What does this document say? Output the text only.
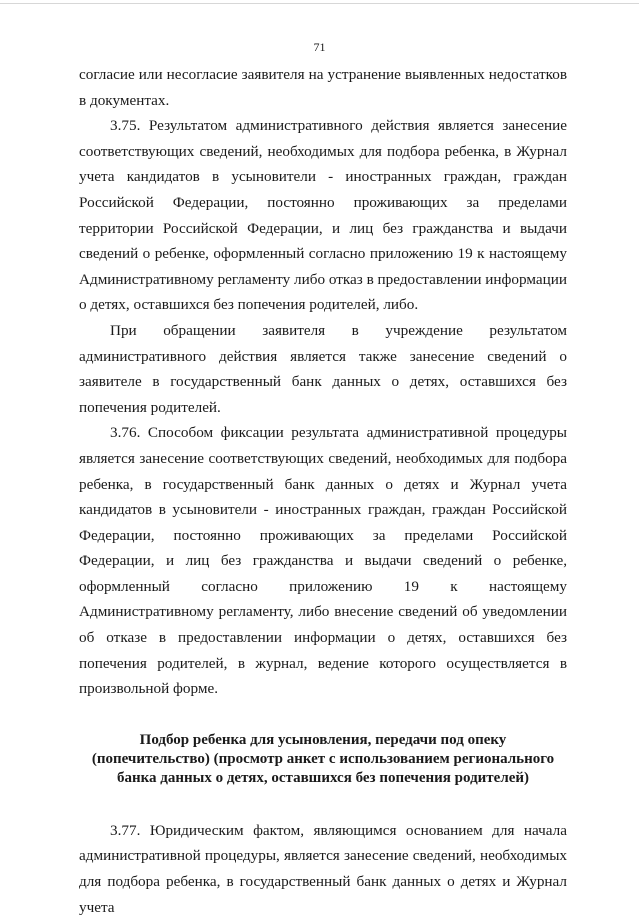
71

согласие или несогласие заявителя на устранение выявленных недостатков в документах.

3.75. Результатом административного действия является занесение соответствующих сведений, необходимых для подбора ребенка, в Журнал учета кандидатов в усыновители - иностранных граждан, граждан Российской Федерации, постоянно проживающих за пределами территории Российской Федерации, и лиц без гражданства и выдачи сведений о ребенке, оформленный согласно приложению 19 к настоящему Административному регламенту либо отказ в предоставлении информации о детях, оставшихся без попечения родителей, либо.

При обращении заявителя в учреждение результатом административного действия является также занесение сведений о заявителе в государственный банк данных о детях, оставшихся без попечения родителей.

3.76. Способом фиксации результата административной процедуры является занесение соответствующих сведений, необходимых для подбора ребенка, в государственный банк данных о детях и Журнал учета кандидатов в усыновители - иностранных граждан, граждан Российской Федерации, постоянно проживающих за пределами Российской Федерации, и лиц без гражданства и выдачи сведений о ребенке, оформленный согласно приложению 19 к настоящему Административному регламенту, либо внесение сведений об уведомлении об отказе в предоставлении информации о детях, оставшихся без попечения родителей, в журнал, ведение которого осуществляется в произвольной форме.

Подбор ребенка для усыновления, передачи под опеку
(попечительство) (просмотр анкет с использованием регионального
банка данных о детях, оставшихся без попечения родителей)

3.77. Юридическим фактом, являющимся основанием для начала административной процедуры, является занесение сведений, необходимых для подбора ребенка, в государственный банк данных о детях и Журнал учета
